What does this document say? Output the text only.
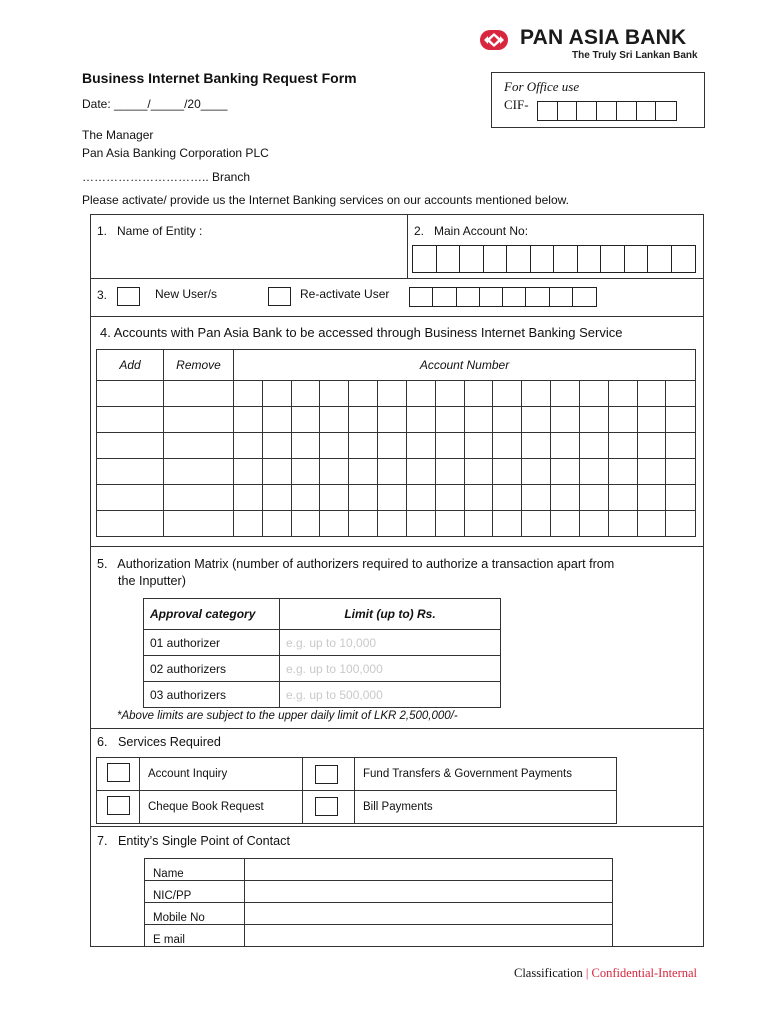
PAN ASIA BANK
The Truly Sri Lankan Bank
Business Internet Banking Request Form
Date: _____/_____/20____
For Office use
CIF-
The Manager
Pan Asia Banking Corporation PLC
………………………….. Branch
Please activate/ provide us the Internet Banking services on our accounts mentioned below.
1.   Name of Entity :	2.   Main Account No:
3.	New User/s	Re-activate User
4. Accounts with Pan Asia Bank to be accessed through Business Internet Banking Service
Add	Remove	Account Number															

5.   Authorization Matrix (number of authorizers required to authorize a transaction apart from
the Inputter)
Approval category	Limit (up to) Rs.
01 authorizer	e.g. up to 10,000
02 authorizers	e.g. up to 100,000
03 authorizers	e.g. up to 500,000
*Above limits are subject to the upper daily limit of LKR 2,500,000/-
6.   Services Required
	Account Inquiry		Fund Transfers & Government Payments

	Cheque Book Request		Bill Payments
7.   Entity’s Single Point of Contact
Name	
NIC/PP	
Mobile No	
E mail	
Classification | Confidential-Internal
